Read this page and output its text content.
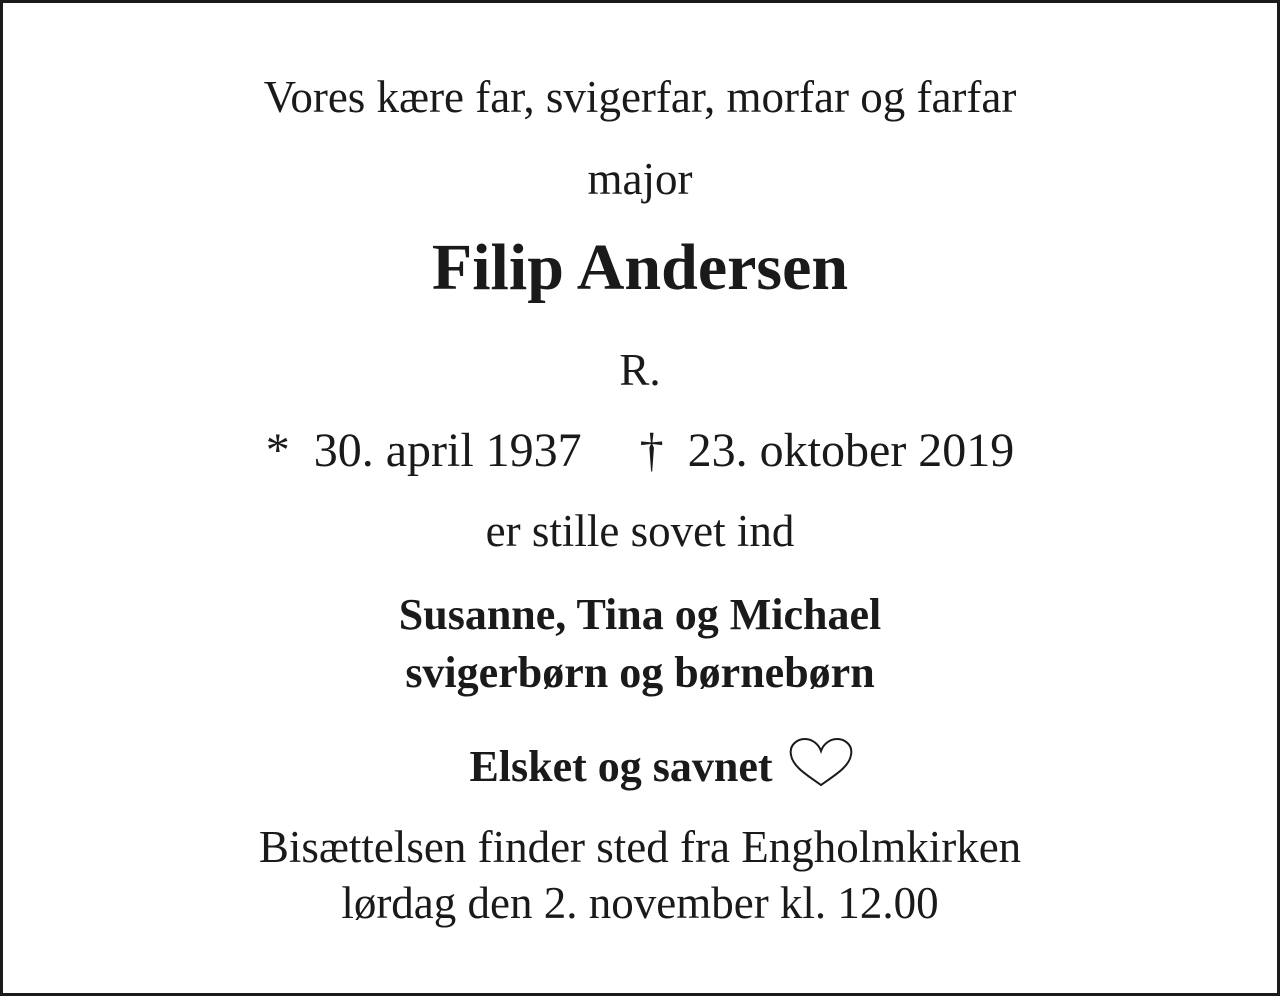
Vores kære far, svigerfar, morfar og farfar
major
Filip Andersen
R.
* 30. april 1937 † 23. oktober 2019
er stille sovet ind
Susanne, Tina og Michael
svigerbørn og børnebørn
Elsket og savnet
Bisættelsen finder sted fra Engholmkirken
lørdag den 2. november kl. 12.00
